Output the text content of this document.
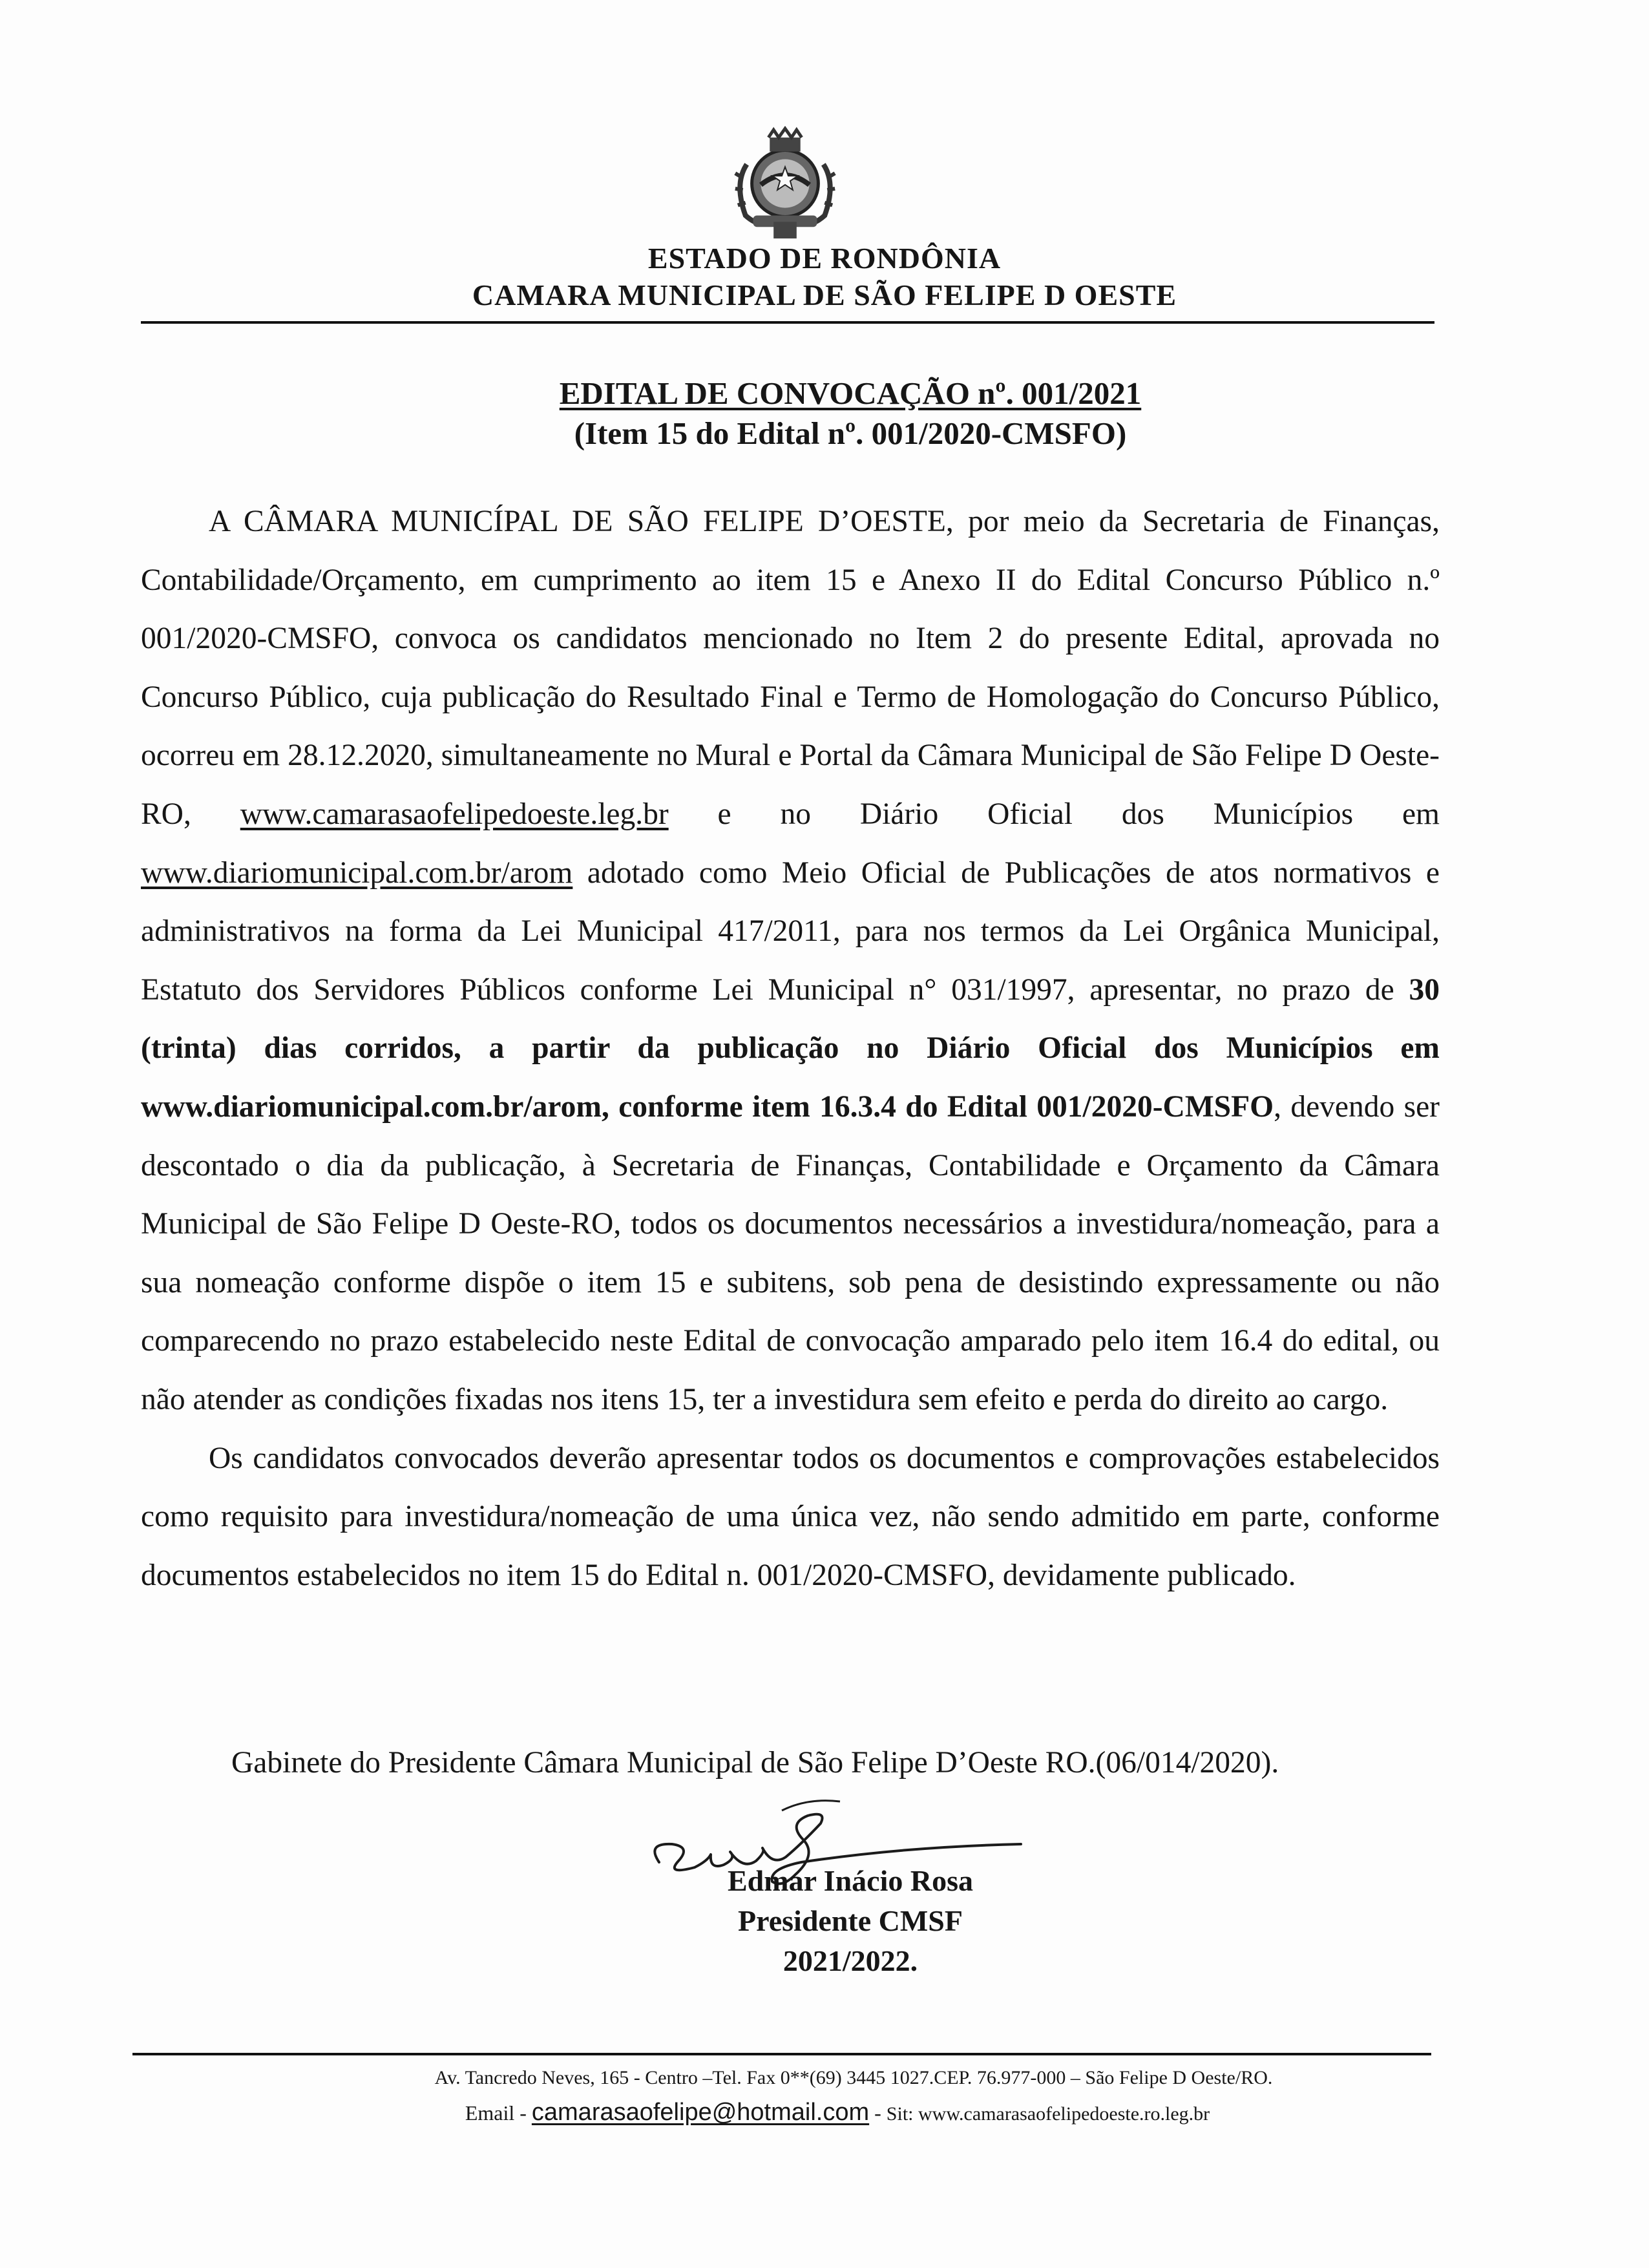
ESTADO DE RONDÔNIA
CAMARA MUNICIPAL DE SÃO FELIPE D OESTE
EDITAL DE CONVOCAÇÃO nº. 001/2021
(Item 15 do Edital nº. 001/2020-CMSFO)

A CÂMARA MUNICÍPAL DE SÃO FELIPE D’OESTE, por meio da Secretaria de Finanças, Contabilidade/Orçamento, em cumprimento ao item 15 e Anexo II do Edital Concurso Público n.º 001/2020-CMSFO, convoca os candidatos mencionado no Item 2 do presente Edital, aprovada no Concurso Público, cuja publicação do Resultado Final e Termo de Homologação do Concurso Público, ocorreu em 28.12.2020, simultaneamente no Mural e Portal da Câmara Municipal de São Felipe D Oeste-RO, www.camarasaofelipedoeste.leg.br e no Diário Oficial dos Municípios em www.diariomunicipal.com.br/arom adotado como Meio Oficial de Publicações de atos normativos e administrativos na forma da Lei Municipal 417/2011, para nos termos da Lei Orgânica Municipal, Estatuto dos Servidores Públicos conforme Lei Municipal n° 031/1997, apresentar, no prazo de 30 (trinta) dias corridos, a partir da publicação no Diário Oficial dos Municípios em www.diariomunicipal.com.br/arom, conforme item 16.3.4 do Edital 001/2020-CMSFO, devendo ser descontado o dia da publicação, à Secretaria de Finanças, Contabilidade e Orçamento da Câmara Municipal de São Felipe D Oeste-RO, todos os documentos necessários a investidura/nomeação, para a sua nomeação conforme dispõe o item 15 e subitens, sob pena de desistindo expressamente ou não comparecendo no prazo estabelecido neste Edital de convocação amparado pelo item 16.4 do edital, ou não atender as condições fixadas nos itens 15, ter a investidura sem efeito e perda do direito ao cargo.

Os candidatos convocados deverão apresentar todos os documentos e comprovações estabelecidos como requisito para investidura/nomeação de uma única vez, não sendo admitido em parte, conforme documentos estabelecidos no item 15 do Edital n. 001/2020-CMSFO, devidamente publicado.

Gabinete do Presidente Câmara Municipal de São Felipe D’Oeste RO.(06/014/2020).
Edmar Inácio Rosa
Presidente CMSF
2021/2022.
Av. Tancredo Neves, 165 - Centro –Tel. Fax 0**(69) 3445 1027.CEP. 76.977-000 – São Felipe D Oeste/RO.
Email - camarasaofelipe@hotmail.com - Sit: www.camarasaofelipedoeste.ro.leg.br
